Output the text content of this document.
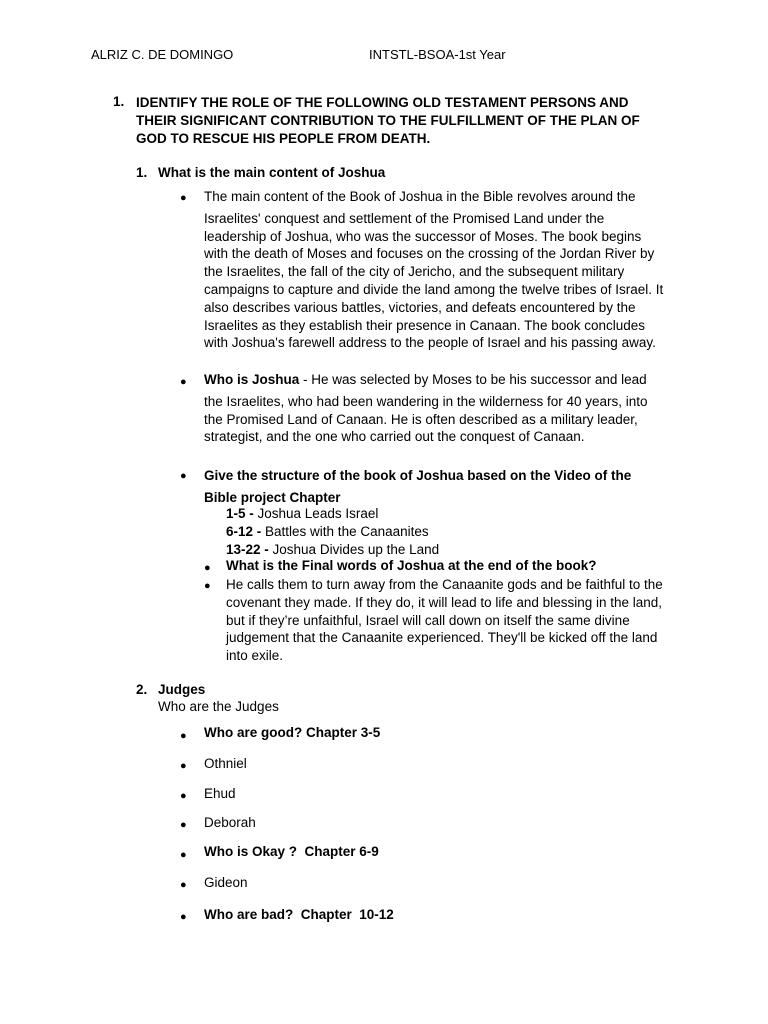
ALRIZ C. DE DOMINGO	INTSTL-BSOA-1st Year
1. IDENTIFY THE ROLE OF THE FOLLOWING OLD TESTAMENT PERSONS AND
THEIR SIGNIFICANT CONTRIBUTION TO THE FULFILLMENT OF THE PLAN OF
GOD TO RESCUE HIS PEOPLE FROM DEATH.
1. What is the main content of Joshua
● The main content of the Book of Joshua in the Bible revolves around the
Israelites' conquest and settlement of the Promised Land under the
leadership of Joshua, who was the successor of Moses. The book begins
with the death of Moses and focuses on the crossing of the Jordan River by
the Israelites, the fall of the city of Jericho, and the subsequent military
campaigns to capture and divide the land among the twelve tribes of Israel. It
also describes various battles, victories, and defeats encountered by the
Israelites as they establish their presence in Canaan. The book concludes
with Joshua's farewell address to the people of Israel and his passing away.
● Who is Joshua - He was selected by Moses to be his successor and lead
the Israelites, who had been wandering in the wilderness for 40 years, into
the Promised Land of Canaan. He is often described as a military leader,
strategist, and the one who carried out the conquest of Canaan.
● Give the structure of the book of Joshua based on the Video of the
Bible project Chapter
1-5 - Joshua Leads Israel
6-12 - Battles with the Canaanites
13-22 - Joshua Divides up the Land
● What is the Final words of Joshua at the end of the book?
● He calls them to turn away from the Canaanite gods and be faithful to the
covenant they made. If they do, it will lead to life and blessing in the land,
but if they’re unfaithful, Israel will call down on itself the same divine
judgement that the Canaanite experienced. They'll be kicked off the land
into exile.
2. Judges
Who are the Judges
● Who are good? Chapter 3-5
● Othniel
● Ehud
● Deborah
● Who is Okay ?  Chapter 6-9
● Gideon
● Who are bad?  Chapter  10-12
